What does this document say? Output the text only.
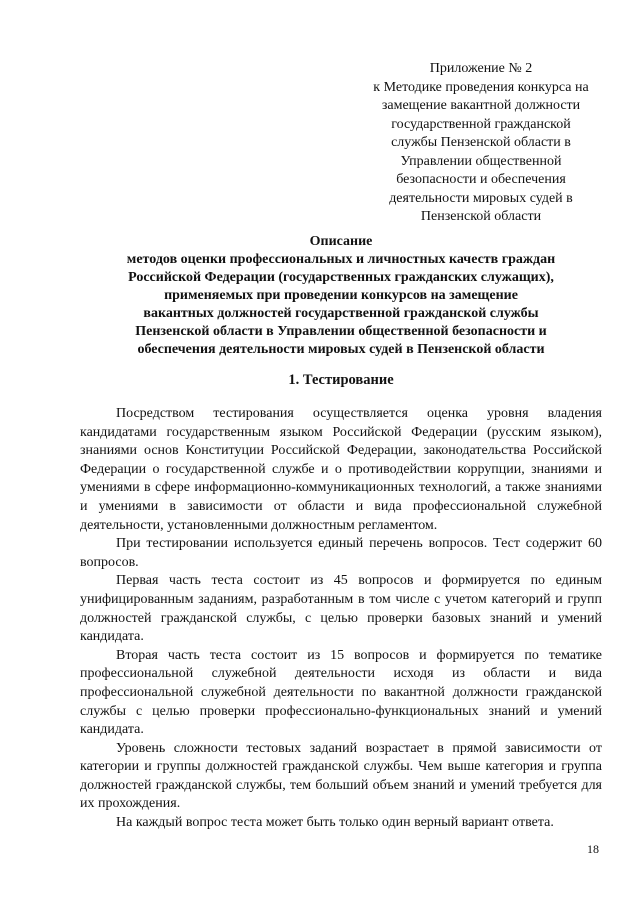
Приложение № 2
к Методике проведения конкурса на
замещение вакантной должности
государственной гражданской
службы Пензенской области в
Управлении общественной
безопасности и обеспечения
деятельности мировых судей в
Пензенской области
Описание
методов оценки профессиональных и личностных качеств граждан
Российской Федерации (государственных гражданских служащих),
применяемых при проведении конкурсов на замещение
вакантных должностей государственной гражданской службы
Пензенской области в Управлении общественной безопасности и
обеспечения деятельности мировых судей в Пензенской области
1. Тестирование

Посредством тестирования осуществляется оценка уровня владения кандидатами государственным языком Российской Федерации (русским языком), знаниями основ Конституции Российской Федерации, законодательства Российской Федерации о государственной службе и о противодействии коррупции, знаниями и умениями в сфере информационно-коммуникационных технологий, а также знаниями и умениями в зависимости от области и вида профессиональной служебной деятельности, установленными должностным регламентом.

При тестировании используется единый перечень вопросов. Тест содержит 60 вопросов.

Первая часть теста состоит из 45 вопросов и формируется по единым унифицированным заданиям, разработанным в том числе с учетом категорий и групп должностей гражданской службы, с целью проверки базовых знаний и умений кандидата.

Вторая часть теста состоит из 15 вопросов и формируется по тематике профессиональной служебной деятельности исходя из области и вида профессиональной служебной деятельности по вакантной должности гражданской службы с целью проверки профессионально-функциональных знаний и умений кандидата.

Уровень сложности тестовых заданий возрастает в прямой зависимости от категории и группы должностей гражданской службы. Чем выше категория и группа должностей гражданской службы, тем больший объем знаний и умений требуется для их прохождения.

На каждый вопрос теста может быть только один верный вариант ответа.

18
